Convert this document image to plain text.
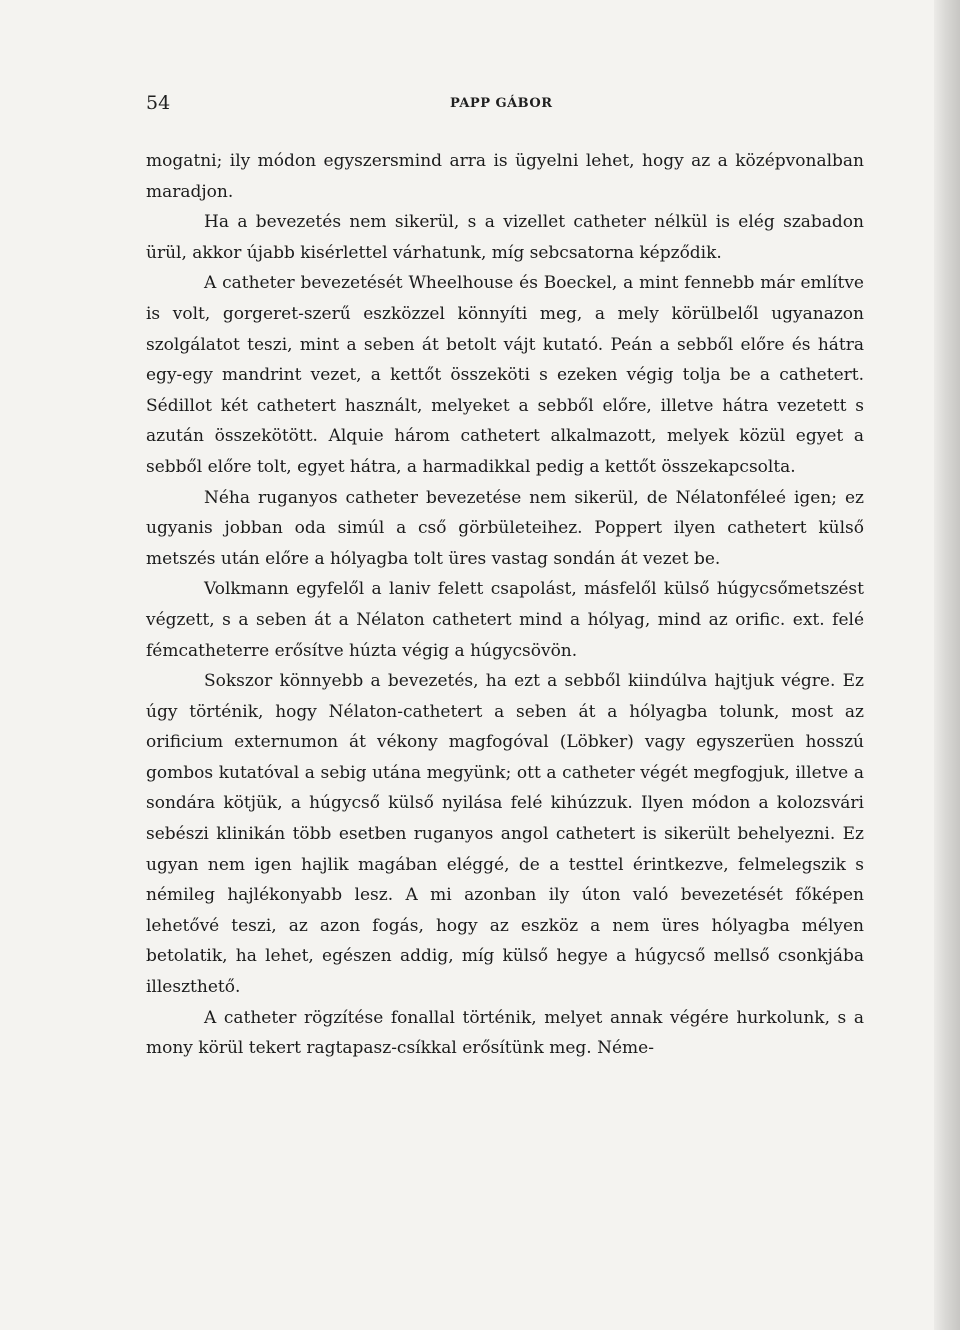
54	PAPP GÁBOR

mogatni; ily módon egyszersmind arra is ügyelni lehet, hogy az a középvonalban maradjon.

Ha a bevezetés nem sikerül, s a vizellet catheter nélkül is elég szabadon ürül, akkor újabb kisérlettel várhatunk, míg sebcsatorna képződik.

A catheter bevezetését Wheelhouse és Boeckel, a mint fennebb már említve is volt, gorgeret-szerű eszközzel könnyíti meg, a mely körülbelől ugyanazon szolgálatot teszi, mint a seben át betolt vájt kutató. Peán a sebből előre és hátra egy-egy mandrint vezet, a kettőt összeköti s ezeken végig tolja be a cathetert. Sédillot két cathetert használt, melyeket a sebből előre, illetve hátra vezetett s azután összekötött. Alquie három cathetert alkalmazott, melyek közül egyet a sebből előre tolt, egyet hátra, a harmadikkal pedig a kettőt összekapcsolta.

Néha ruganyos catheter bevezetése nem sikerül, de Nélatonféleé igen; ez ugyanis jobban oda simúl a cső görbületeihez. Poppert ilyen cathetert külső metszés után előre a hólyagba tolt üres vastag sondán át vezet be.

Volkmann egyfelől a laniv felett csapolást, másfelől külső húgycsőmetszést végzett, s a seben át a Nélaton cathetert mind a hólyag, mind az orific. ext. felé fémcatheterre erősítve húzta végig a húgycsövön.

Sokszor könnyebb a bevezetés, ha ezt a sebből kiindúlva hajtjuk végre. Ez úgy történik, hogy Nélaton-cathetert a seben át a hólyagba tolunk, most az orificium externumon át vékony magfogóval (Löbker) vagy egyszerüen hosszú gombos kutatóval a sebig utána megyünk; ott a catheter végét megfogjuk, illetve a sondára kötjük, a húgycső külső nyilása felé kihúzzuk. Ilyen módon a kolozsvári sebészi klinikán több esetben ruganyos angol cathetert is sikerült behelyezni. Ez ugyan nem igen hajlik magában eléggé, de a testtel érintkezve, felmelegszik s némileg hajlékonyabb lesz. A mi azonban ily úton való bevezetését főképen lehetővé teszi, az azon fogás, hogy az eszköz a nem üres hólyagba mélyen betolatik, ha lehet, egészen addig, míg külső hegye a húgycső mellső csonkjába illeszthető.

A catheter rögzítése fonallal történik, melyet annak végére hurkolunk, s a mony körül tekert ragtapasz-csíkkal erősítünk meg. Néme-
